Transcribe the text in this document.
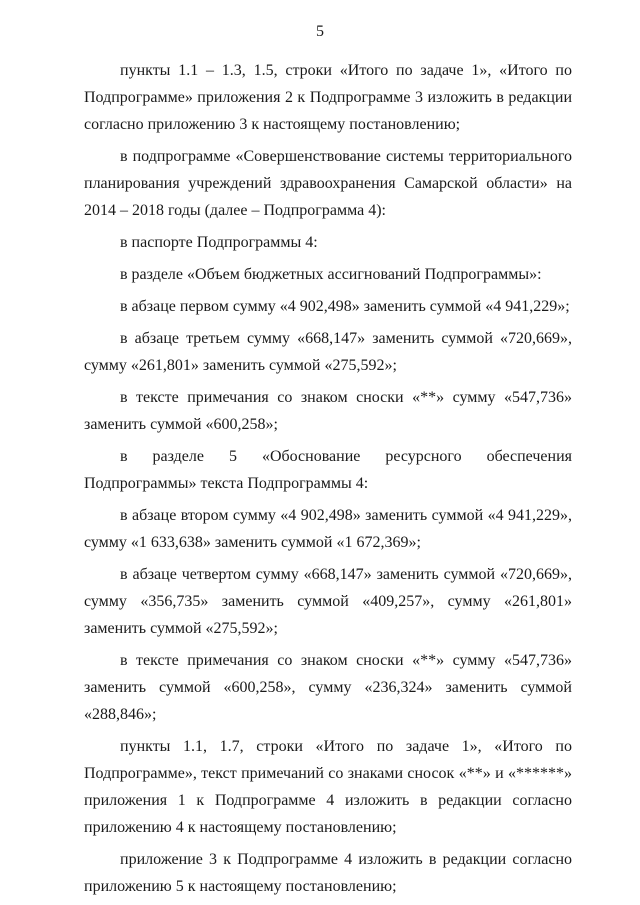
5

пункты 1.1 – 1.3, 1.5, строки «Итого по задаче 1», «Итого по Подпрограмме» приложения 2 к Подпрограмме 3 изложить в редакции согласно приложению 3 к настоящему постановлению;

в подпрограмме «Совершенствование системы территориального планирования учреждений здравоохранения Самарской области» на 2014 – 2018 годы (далее – Подпрограмма 4):

в паспорте Подпрограммы 4:

в разделе «Объем бюджетных ассигнований Подпрограммы»:

в абзаце первом сумму «4 902,498» заменить суммой «4 941,229»;

в абзаце третьем сумму «668,147» заменить суммой «720,669», сумму «261,801» заменить суммой «275,592»;

в тексте примечания со знаком сноски «**» сумму «547,736» заменить суммой «600,258»;

в разделе 5 «Обоснование ресурсного обеспечения Подпрограммы» текста Подпрограммы 4:

в абзаце втором сумму «4 902,498» заменить суммой «4 941,229», сумму «1 633,638» заменить суммой «1 672,369»;

в абзаце четвертом сумму «668,147» заменить суммой «720,669», сумму «356,735» заменить суммой «409,257», сумму «261,801» заменить суммой «275,592»;

в тексте примечания со знаком сноски «**» сумму «547,736» заменить суммой «600,258», сумму «236,324» заменить суммой «288,846»;

пункты 1.1, 1.7, строки «Итого по задаче 1», «Итого по Подпрограмме», текст примечаний со знаками сносок «**» и «******» приложения 1 к Подпрограмме 4 изложить в редакции согласно приложению 4 к настоящему постановлению;

приложение 3 к Подпрограмме 4 изложить в редакции согласно приложению 5 к настоящему постановлению;
